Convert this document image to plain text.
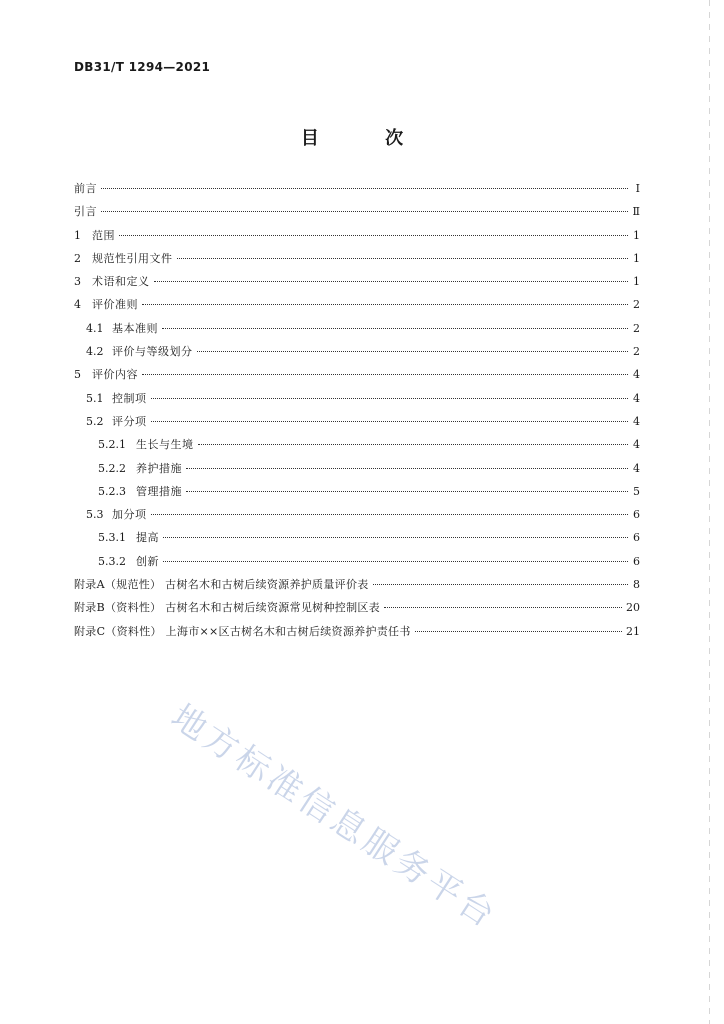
DB31/T 1294—2021
目 次
前言	Ⅰ
引言	Ⅱ
1	范围	1
2	规范性引用文件	1
3	术语和定义	1
4	评价准则	2
4.1 基本准则	2
4.2 评价与等级划分	2
5	评价内容	4
5.1 控制项	4
5.2 评分项	4
5.2.1 生长与生境	4
5.2.2 养护措施	4
5.2.3 管理措施	5
5.3 加分项	6
5.3.1 提高	6
5.3.2 创新	6
附录A（规范性） 古树名木和古树后续资源养护质量评价表	8
附录B（资料性） 古树名木和古树后续资源常见树种控制区表	20
附录C（资料性） 上海市××区古树名木和古树后续资源养护责任书	21
地方标准信息服务平台
